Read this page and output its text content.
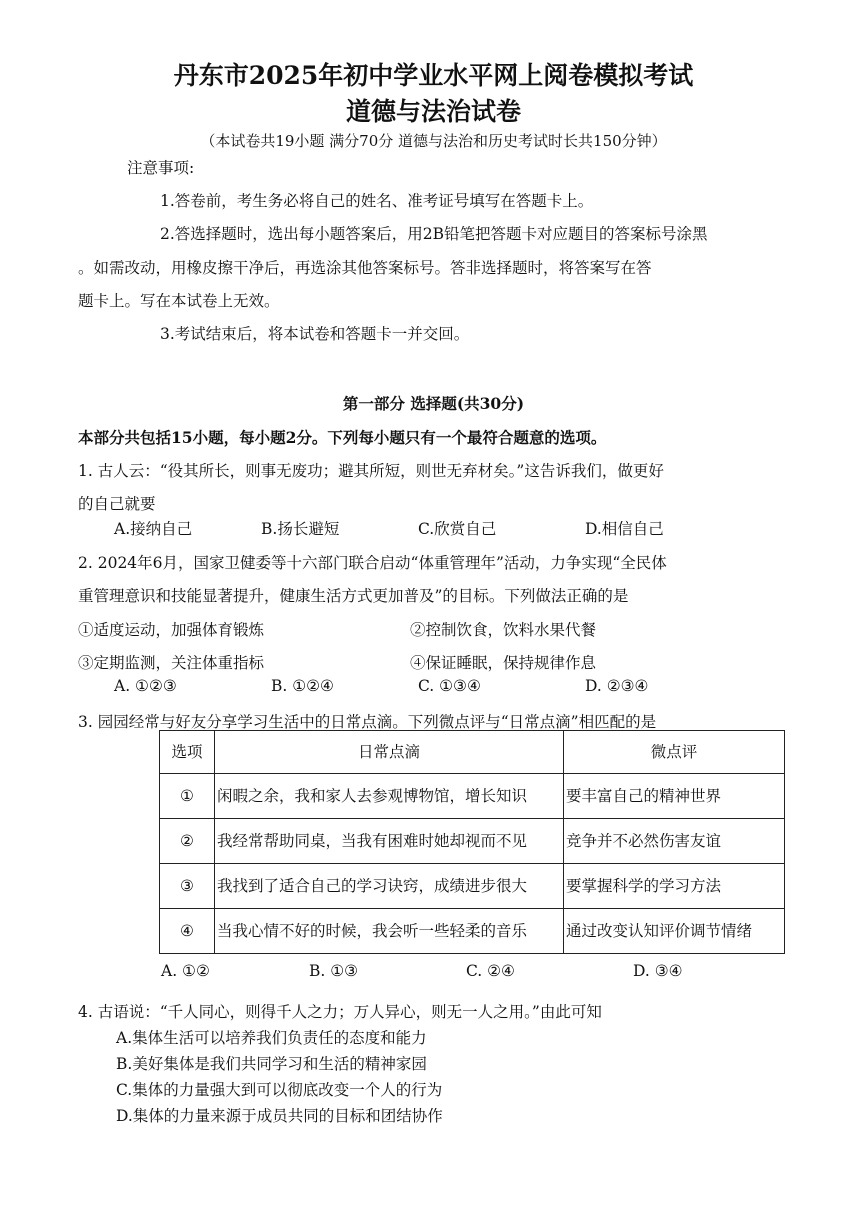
丹东市2025年初中学业水平网上阅卷模拟考试
道德与法治试卷
（本试卷共19小题 满分70分 道德与法治和历史考试时长共150分钟）
注意事项:
1.答卷前，考生务必将自己的姓名、准考证号填写在答题卡上。
2.答选择题时，选出每小题答案后，用2B铅笔把答题卡对应题目的答案标号涂黑
。如需改动，用橡皮擦干净后，再选涂其他答案标号。答非选择题时，将答案写在答
题卡上。写在本试卷上无效。
3.考试结束后，将本试卷和答题卡一并交回。
第一部分 选择题(共30分)
本部分共包括15小题，每小题2分。下列每小题只有一个最符合题意的选项。
1. 古人云：“役其所长，则事无废功；避其所短，则世无弃材矣。”这告诉我们，做更好
的自己就要
A.接纳自己	B.扬长避短	C.欣赏自己	D.相信自己
2. 2024年6月，国家卫健委等十六部门联合启动“体重管理年”活动，力争实现“全民体
重管理意识和技能显著提升，健康生活方式更加普及”的目标。下列做法正确的是
①适度运动，加强体育锻炼	②控制饮食，饮料水果代餐
③定期监测，关注体重指标	④保证睡眠，保持规律作息
A. ①②③	B. ①②④	C. ①③④	D. ②③④
3. 园园经常与好友分享学习生活中的日常点滴。下列微点评与“日常点滴”相匹配的是
选项	日常点滴	微点评
①	闲暇之余，我和家人去参观博物馆，增长知识	要丰富自己的精神世界
②	我经常帮助同桌，当我有困难时她却视而不见	竞争并不必然伤害友谊
③	我找到了适合自己的学习诀窍，成绩进步很大	要掌握科学的学习方法
④	当我心情不好的时候，我会听一些轻柔的音乐	通过改变认知评价调节情绪
A. ①②	B. ①③	C. ②④	D. ③④
4. 古语说：“千人同心，则得千人之力；万人异心，则无一人之用。”由此可知
A.集体生活可以培养我们负责任的态度和能力
B.美好集体是我们共同学习和生活的精神家园
C.集体的力量强大到可以彻底改变一个人的行为
D.集体的力量来源于成员共同的目标和团结协作
